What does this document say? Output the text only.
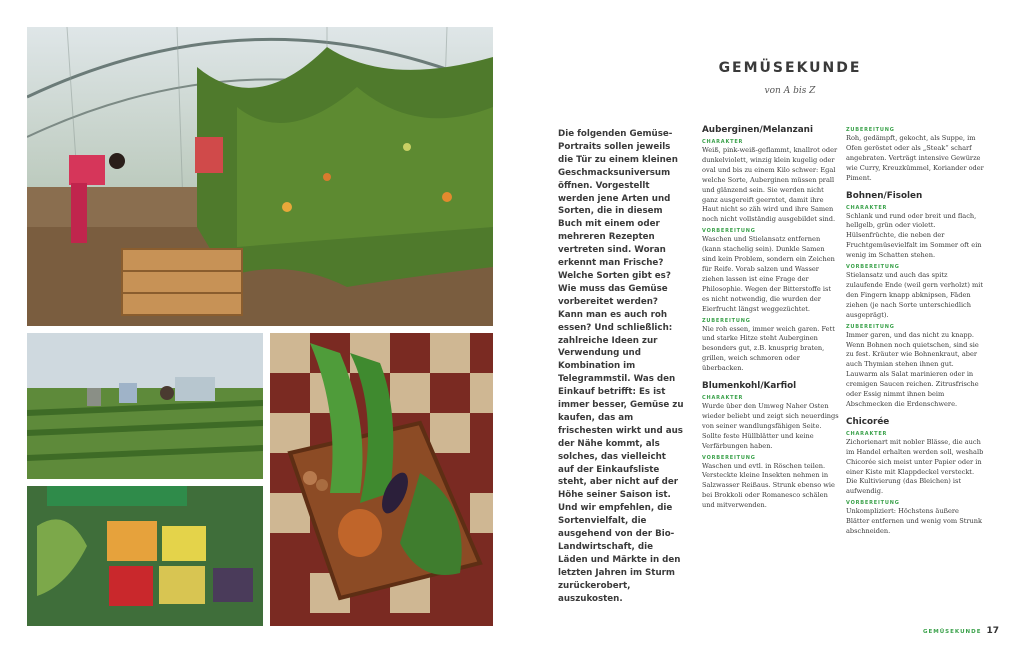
GEMÜSEKUNDE
von A bis Z
Die folgenden Gemüse-Portraits sollen jeweils die Tür zu einem kleinen Geschmacksuniversum öffnen. Vorgestellt werden jene Arten und Sorten, die in diesem Buch mit einem oder mehreren Rezepten vertreten sind. Woran erkennt man Frische? Welche Sorten gibt es? Wie muss das Gemüse vorbereitet werden? Kann man es auch roh essen? Und schließlich: zahlreiche Ideen zur Verwendung und Kombination im Telegrammstil. Was den Einkauf betrifft: Es ist immer besser, Gemüse zu kaufen, das am frischesten wirkt und aus der Nähe kommt, als solches, das vielleicht auf der Einkaufsliste steht, aber nicht auf der Höhe seiner Saison ist. Und wir empfehlen, die Sortenvielfalt, die ausgehend von der Bio-Landwirtschaft, die Läden und Märkte in den letzten Jahren im Sturm zurückerobert, auszukosten.
Auberginen/Melanzani
CHARAKTER

Weiß, pink-weiß-geflammt, knallrot oder dunkelviolett, winzig klein kugelig oder oval und bis zu einem Kilo schwer: Egal welche Sorte, Auberginen müssen prall und glänzend sein. Sie werden nicht ganz ausgereift geerntet, damit ihre Haut nicht so zäh wird und ihre Samen noch nicht vollständig ausgebildet sind.

VORBEREITUNG

Waschen und Stielansatz entfernen (kann stachelig sein). Dunkle Samen sind kein Problem, sondern ein Zeichen für Reife. Vorab salzen und Wasser ziehen lassen ist eine Frage der Philosophie. Wegen der Bitterstoffe ist es nicht notwendig, die wurden der Eierfrucht längst weggezüchtet.

ZUBEREITUNG

Nie roh essen, immer weich garen. Fett und starke Hitze steht Auberginen besonders gut, z.B. knusprig braten, grillen, weich schmoren oder überbacken.

Blumenkohl/Karfiol
CHARAKTER

Wurde über den Umweg Naher Osten wieder beliebt und zeigt sich neuerdings von seiner wandlungsfähigen Seite. Sollte feste Hüllblätter und keine Verfärbungen haben.

VORBEREITUNG

Waschen und evtl. in Röschen teilen. Versteckte kleine Insekten nehmen in Salzwasser Reißaus. Strunk ebenso wie bei Brokkoli oder Romanesco schälen und mitverwenden.

ZUBEREITUNG

Roh, gedämpft, gekocht, als Suppe, im Ofen geröstet oder als „Steak“ scharf angebraten. Verträgt intensive Gewürze wie Curry, Kreuzkümmel, Koriander oder Piment.

Bohnen/Fisolen
CHARAKTER

Schlank und rund oder breit und flach, hellgelb, grün oder violett. Hülsenfrüchte, die neben der Fruchtgemüsevielfalt im Sommer oft ein wenig im Schatten stehen.

VORBEREITUNG

Stielansatz und auch das spitz zulaufende Ende (weil gern verholzt) mit den Fingern knapp abknipsen, Fäden ziehen (je nach Sorte unterschiedlich ausgeprägt).

ZUBEREITUNG

Immer garen, und das nicht zu knapp. Wenn Bohnen noch quietschen, sind sie zu fest. Kräuter wie Bohnenkraut, aber auch Thymian stehen ihnen gut. Lauwarm als Salat marinieren oder in cremigen Saucen reichen. Zitrusfrische oder Essig nimmt ihnen beim Abschmecken die Erdenschwere.

Chicorée
CHARAKTER

Zichorienart mit nobler Blässe, die auch im Handel erhalten werden soll, weshalb Chicorée sich meist unter Papier oder in einer Kiste mit Klappdeckel versteckt. Die Kultivierung (das Bleichen) ist aufwendig.

VORBEREITUNG

Unkompliziert: Höchstens äußere Blätter entfernen und wenig vom Strunk abschneiden.

GEMÜSEKUNDE 17
